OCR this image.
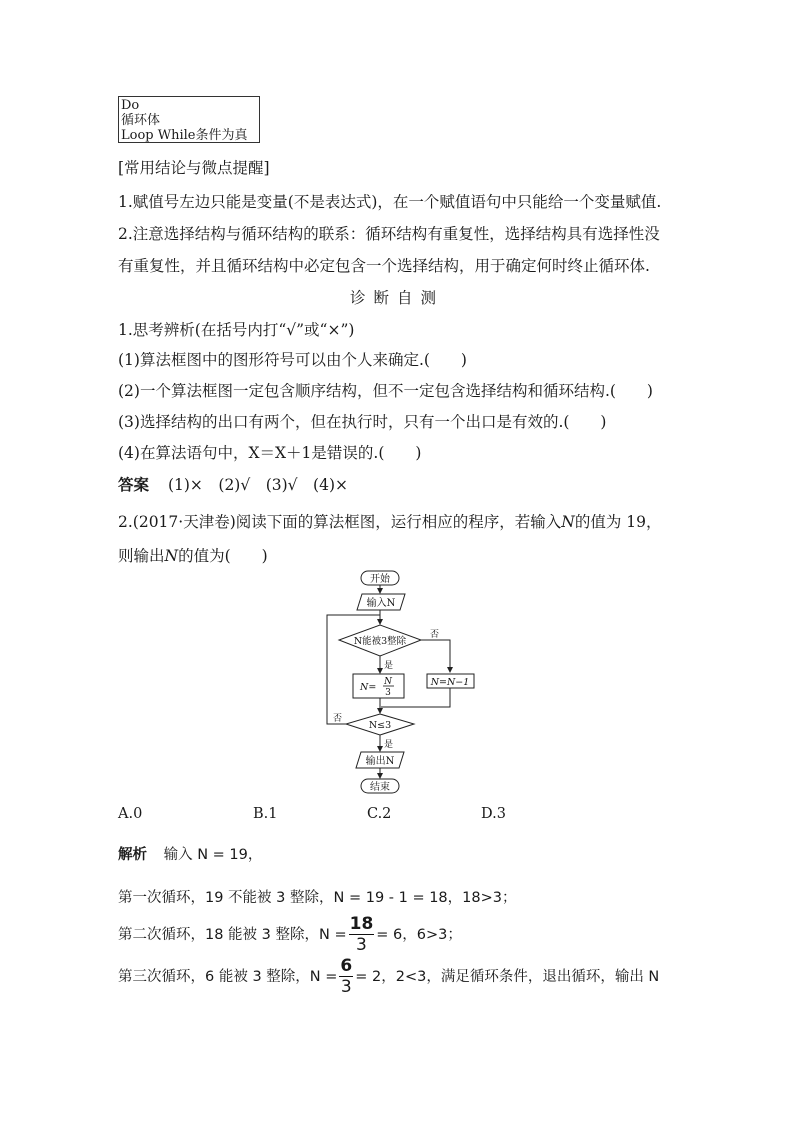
Do
循环体
Loop While条件为真
[常用结论与微点提醒]
1.赋值号左边只能是变量(不是表达式)，在一个赋值语句中只能给一个变量赋值.
2.注意选择结构与循环结构的联系：循环结构有重复性，选择结构具有选择性没
有重复性，并且循环结构中必定包含一个选择结构，用于确定何时终止循环体.
诊断自测
1.思考辨析(在括号内打“√”或“×”)
(1)算法框图中的图形符号可以由个人来确定.(　　)
(2)一个算法框图一定包含顺序结构，但不一定包含选择结构和循环结构.(　　)
(3)选择结构的出口有两个，但在执行时，只有一个出口是有效的.(　　)
(4)在算法语句中，X＝X＋1是错误的.(　　)
答案 (1)×　(2)√　(3)√　(4)×
2.(2017·天津卷)阅读下面的算法框图，运行相应的程序，若输入N的值为 19，
则输出N的值为(　　)
开始
输入N
N能被3整除
否
是
N= N
3
N=N−1
N≤3
否
是
输出N
结束
A.0	B.1	C.2	D.3
解析 输入 N = 19，
第一次循环，19 不能被 3 整除，N = 19 - 1 = 18，18>3；
第二次循环，18 能被 3 整除，$N = \frac{18}{3} = 6$，6>3；
第三次循环，6 能被 3 整除，$N = \frac{6}{3} = 2$，2<3，满足循环条件，退出循环，输出 N
